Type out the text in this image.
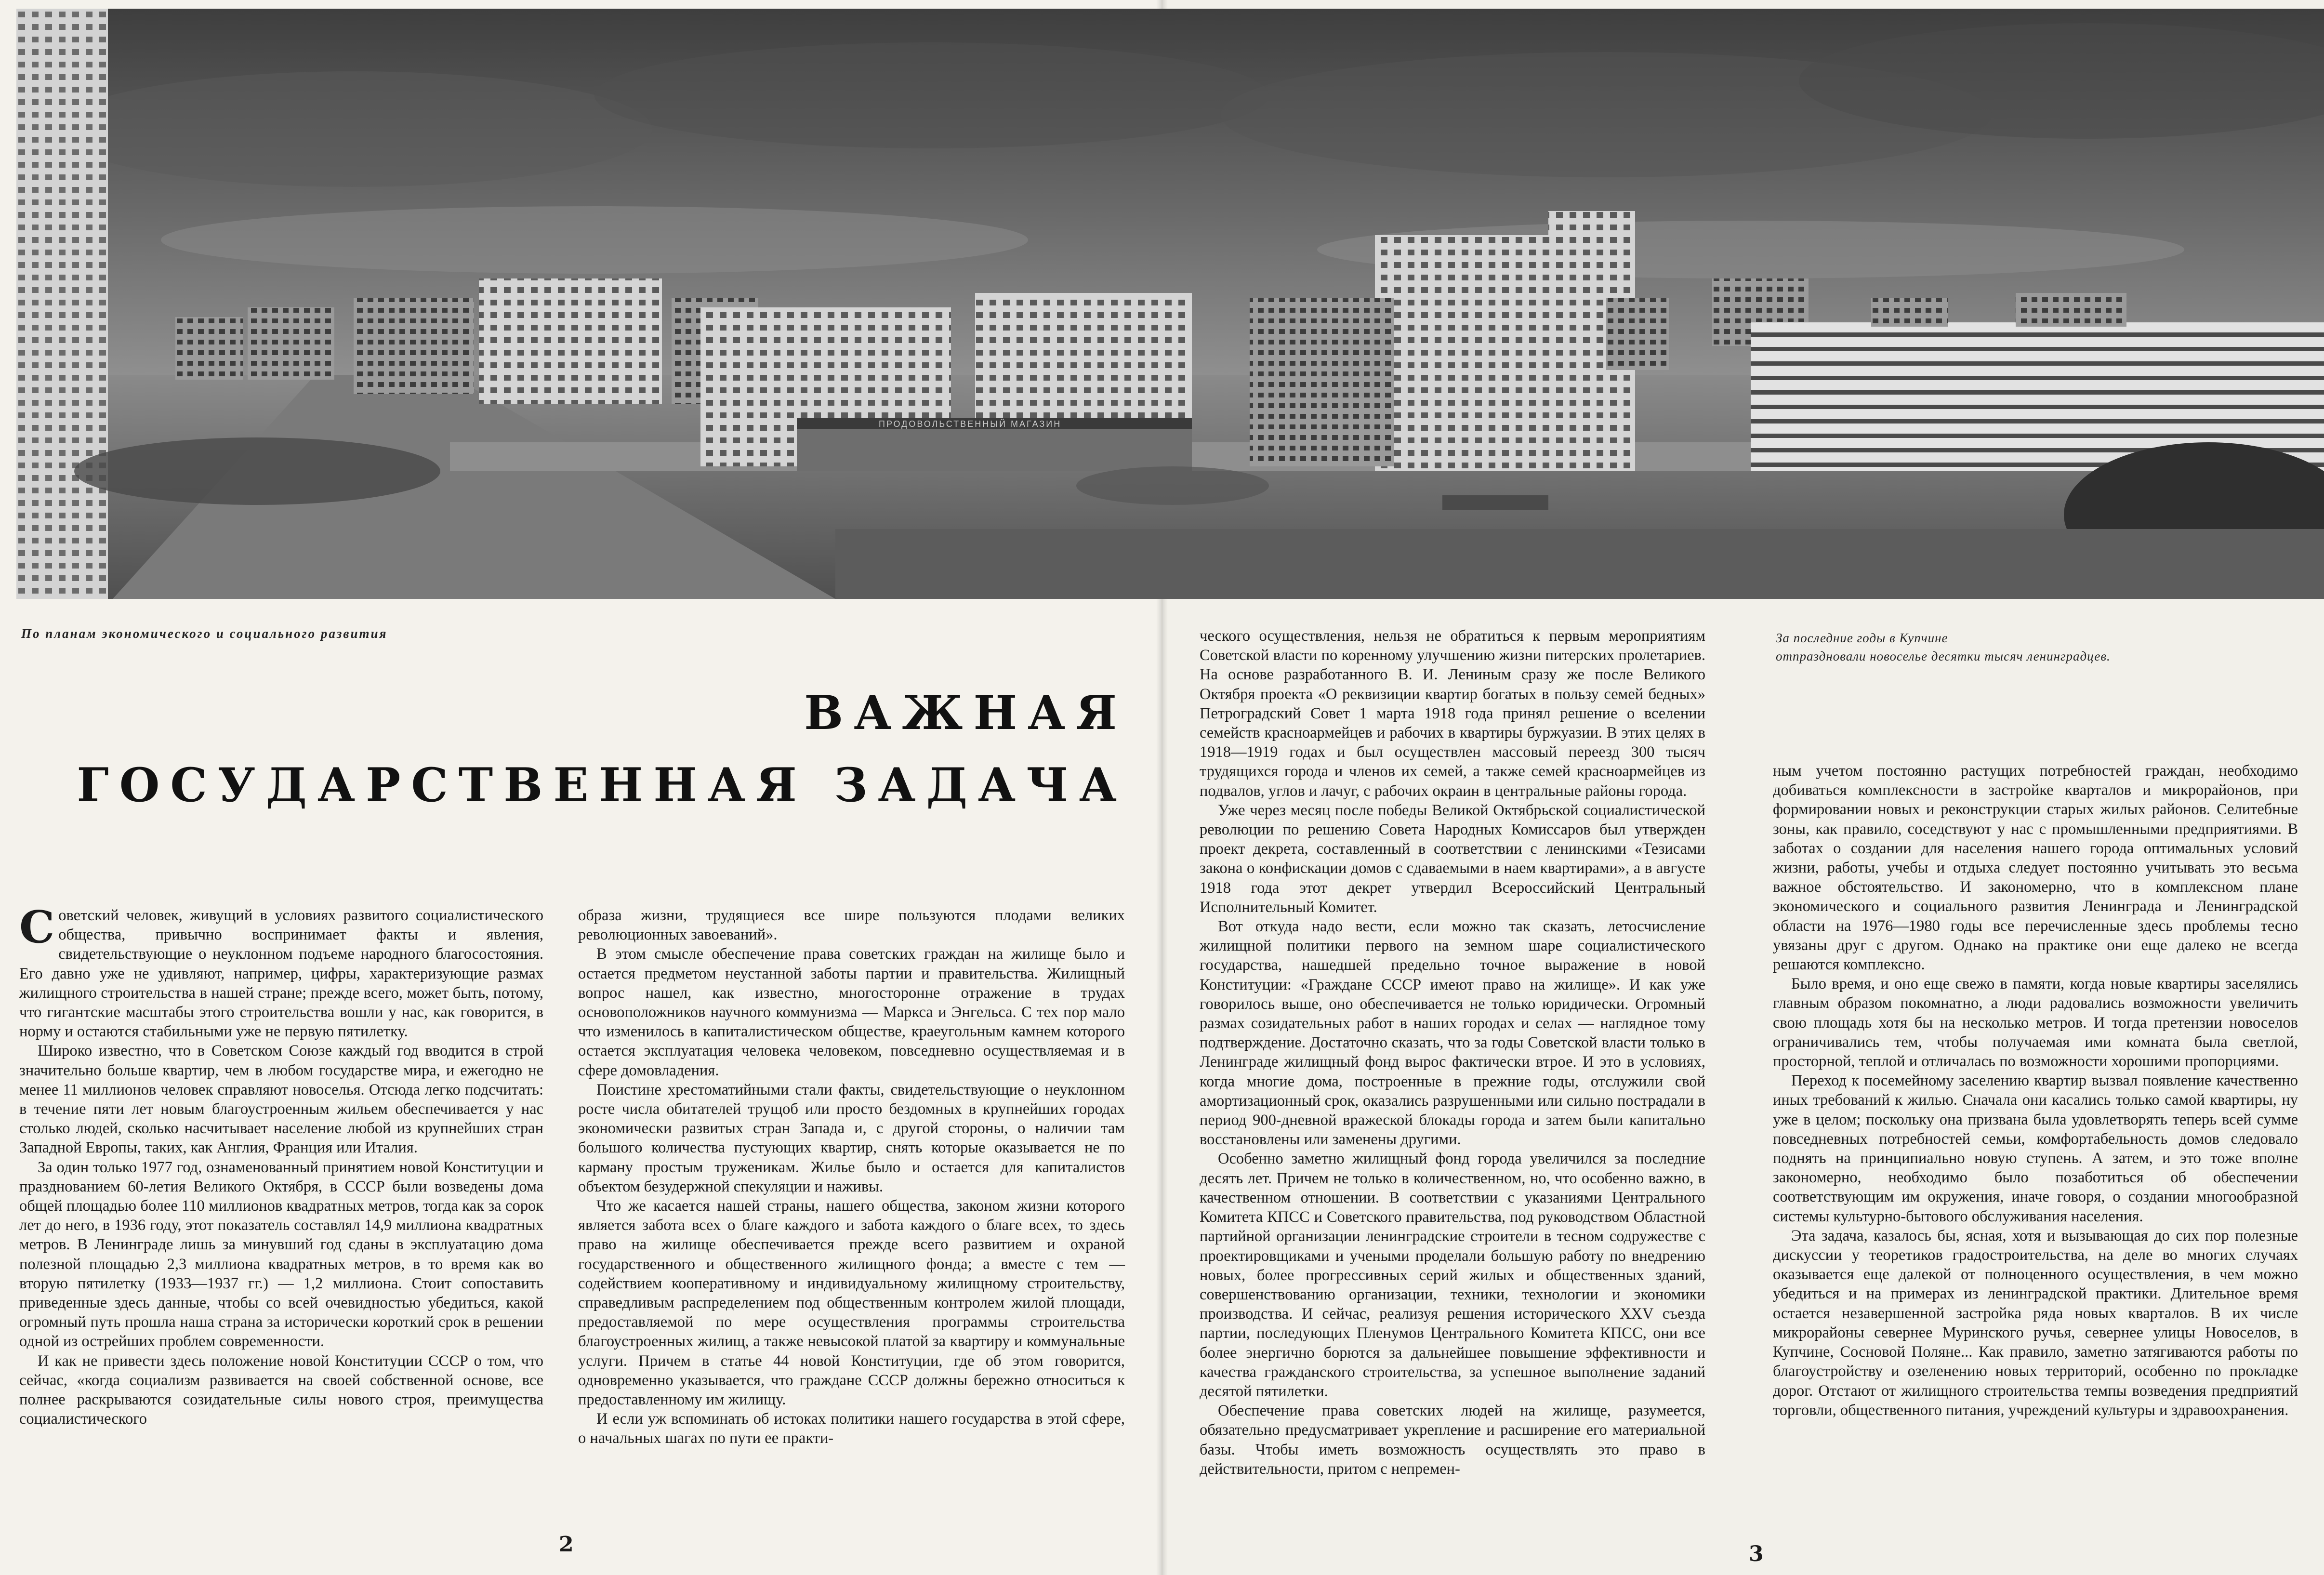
ПРОДОВОЛЬСТВЕННЫЙ МАГАЗИН
По планам экономического и социального развития	За последние годы в Купчине
отпраздновали новоселье десятки тысяч ленинградцев.
ВАЖНАЯ
ГОСУДАРСТВЕННАЯ ЗАДАЧА

Советский человек, живущий в условиях развитого социалистического общества, привычно воспринимает факты и явления, свидетельствующие о неуклонном подъеме народного благосостояния. Его давно уже не удивляют, например, цифры, характеризующие размах жилищного строительства в нашей стране; прежде всего, может быть, потому, что гигантские масштабы этого строительства вошли у нас, как говорится, в норму и остаются стабильными уже не первую пятилетку.

Широко известно, что в Советском Союзе каждый год вводится в строй значительно больше квартир, чем в любом государстве мира, и ежегодно не менее 11 миллионов человек справляют новоселья. Отсюда легко подсчитать: в течение пяти лет новым благоустроенным жильем обеспечивается у нас столько людей, сколько насчитывает население любой из крупнейших стран Западной Европы, таких, как Англия, Франция или Италия.

За один только 1977 год, ознаменованный принятием новой Конституции и празднованием 60-летия Великого Октября, в СССР были возведены дома общей площадью более 110 миллионов квадратных метров, тогда как за сорок лет до него, в 1936 году, этот показатель составлял 14,9 миллиона квадратных метров. В Ленинграде лишь за минувший год сданы в эксплуатацию дома полезной площадью 2,3 миллиона квадратных метров, в то время как во вторую пятилетку (1933—1937 гг.) — 1,2 миллиона. Стоит сопоставить приведенные здесь данные, чтобы со всей очевидностью убедиться, какой огромный путь прошла наша страна за исторически короткий срок в решении одной из острейших проблем современности.

И как не привести здесь положение новой Конституции СССР о том, что сейчас, «когда социализм развивается на своей собственной основе, все полнее раскрываются созидательные силы нового строя, преимущества социалистического

образа жизни, трудящиеся все шире пользуются плодами великих революционных завоеваний».

В этом смысле обеспечение права советских граждан на жилище было и остается предметом неустанной заботы партии и правительства. Жилищный вопрос нашел, как известно, многосторонне отражение в трудах основоположников научного коммунизма — Маркса и Энгельса. С тех пор мало что изменилось в капиталистическом обществе, краеугольным камнем которого остается эксплуатация человека человеком, повседневно осуществляемая и в сфере домовладения.

Поистине хрестоматийными стали факты, свидетельствующие о неуклонном росте числа обитателей трущоб или просто бездомных в крупнейших городах экономически развитых стран Запада и, с другой стороны, о наличии там большого количества пустующих квартир, снять которые оказывается не по карману простым труженикам. Жилье было и остается для капиталистов объектом безудержной спекуляции и наживы.

Что же касается нашей страны, нашего общества, законом жизни которого является забота всех о благе каждого и забота каждого о благе всех, то здесь право на жилище обеспечивается прежде всего развитием и охраной государственного и общественного жилищного фонда; а вместе с тем — содействием кооперативному и индивидуальному жилищному строительству, справедливым распределением под общественным контролем жилой площади, предоставляемой по мере осуществления программы строительства благоустроенных жилищ, а также невысокой платой за квартиру и коммунальные услуги. Причем в статье 44 новой Конституции, где об этом говорится, одновременно указывается, что граждане СССР должны бережно относиться к предоставленному им жилищу.

И если уж вспоминать об истоках политики нашего государства в этой сфере, о начальных шагах по пути ее практи-

ческого осуществления, нельзя не обратиться к первым мероприятиям Советской власти по коренному улучшению жизни питерских пролетариев. На основе разработанного В. И. Лениным сразу же после Великого Октября проекта «О реквизиции квартир богатых в пользу семей бедных» Петроградский Совет 1 марта 1918 года принял решение о вселении семейств красноармейцев и рабочих в квартиры буржуазии. В этих целях в 1918—1919 годах и был осуществлен массовый переезд 300 тысяч трудящихся города и членов их семей, а также семей красноармейцев из подвалов, углов и лачуг, с рабочих окраин в центральные районы города.

Уже через месяц после победы Великой Октябрьской социалистической революции по решению Совета Народных Комиссаров был утвержден проект декрета, составленный в соответствии с ленинскими «Тезисами закона о конфискации домов с сдаваемыми в наем квартирами», а в августе 1918 года этот декрет утвердил Всероссийский Центральный Исполнительный Комитет.

Вот откуда надо вести, если можно так сказать, летосчисление жилищной политики первого на земном шаре социалистического государства, нашедшей предельно точное выражение в новой Конституции: «Граждане СССР имеют право на жилище». И как уже говорилось выше, оно обеспечивается не только юридически. Огромный размах созидательных работ в наших городах и селах — наглядное тому подтверждение. Достаточно сказать, что за годы Советской власти только в Ленинграде жилищный фонд вырос фактически втрое. И это в условиях, когда многие дома, построенные в прежние годы, отслужили свой амортизационный срок, оказались разрушенными или сильно пострадали в период 900-дневной вражеской блокады города и затем были капитально восстановлены или заменены другими.

Особенно заметно жилищный фонд города увеличился за последние десять лет. Причем не только в количественном, но, что особенно важно, в качественном отношении. В соответствии с указаниями Центрального Комитета КПСС и Советского правительства, под руководством Областной партийной организации ленинградские строители в тесном содружестве с проектировщиками и учеными проделали большую работу по внедрению новых, более прогрессивных серий жилых и общественных зданий, совершенствованию организации, техники, технологии и экономики производства. И сейчас, реализуя решения исторического XXV съезда партии, последующих Пленумов Центрального Комитета КПСС, они все более энергично борются за дальнейшее повышение эффективности и качества гражданского строительства, за успешное выполнение заданий десятой пятилетки.

Обеспечение права советских людей на жилище, разумеется, обязательно предусматривает укрепление и расширение его материальной базы. Чтобы иметь возможность осуществлять это право в действительности, притом с непремен-

ным учетом постоянно растущих потребностей граждан, необходимо добиваться комплексности в застройке кварталов и микрорайонов, при формировании новых и реконструкции старых жилых районов. Селитебные зоны, как правило, соседствуют у нас с промышленными предприятиями. В заботах о создании для населения нашего города оптимальных условий жизни, работы, учебы и отдыха следует постоянно учитывать это весьма важное обстоятельство. И закономерно, что в комплексном плане экономического и социального развития Ленинграда и Ленинградской области на 1976—1980 годы все перечисленные здесь проблемы тесно увязаны друг с другом. Однако на практике они еще далеко не всегда решаются комплексно.

Было время, и оно еще свежо в памяти, когда новые квартиры заселялись главным образом покомнатно, а люди радовались возможности увеличить свою площадь хотя бы на несколько метров. И тогда претензии новоселов ограничивались тем, чтобы получаемая ими комната была светлой, просторной, теплой и отличалась по возможности хорошими пропорциями.

Переход к посемейному заселению квартир вызвал появление качественно иных требований к жилью. Сначала они касались только самой квартиры, ну уже в целом; поскольку она призвана была удовлетворять теперь всей сумме повседневных потребностей семьи, комфортабельность домов следовало поднять на принципиально новую ступень. А затем, и это тоже вполне закономерно, необходимо было позаботиться об обеспечении соответствующим им окружения, иначе говоря, о создании многообразной системы культурно-бытового обслуживания населения.

Эта задача, казалось бы, ясная, хотя и вызывающая до сих пор полезные дискуссии у теоретиков градостроительства, на деле во многих случаях оказывается еще далекой от полноценного осуществления, в чем можно убедиться и на примерах из ленинградской практики. Длительное время остается незавершенной застройка ряда новых кварталов. В их числе микрорайоны севернее Муринского ручья, севернее улицы Новоселов, в Купчине, Сосновой Поляне... Как правило, заметно затягиваются работы по благоустройству и озеленению новых территорий, особенно по прокладке дорог. Отстают от жилищного строительства темпы возведения предприятий торговли, общественного питания, учреждений культуры и здравоохранения.

2	3
